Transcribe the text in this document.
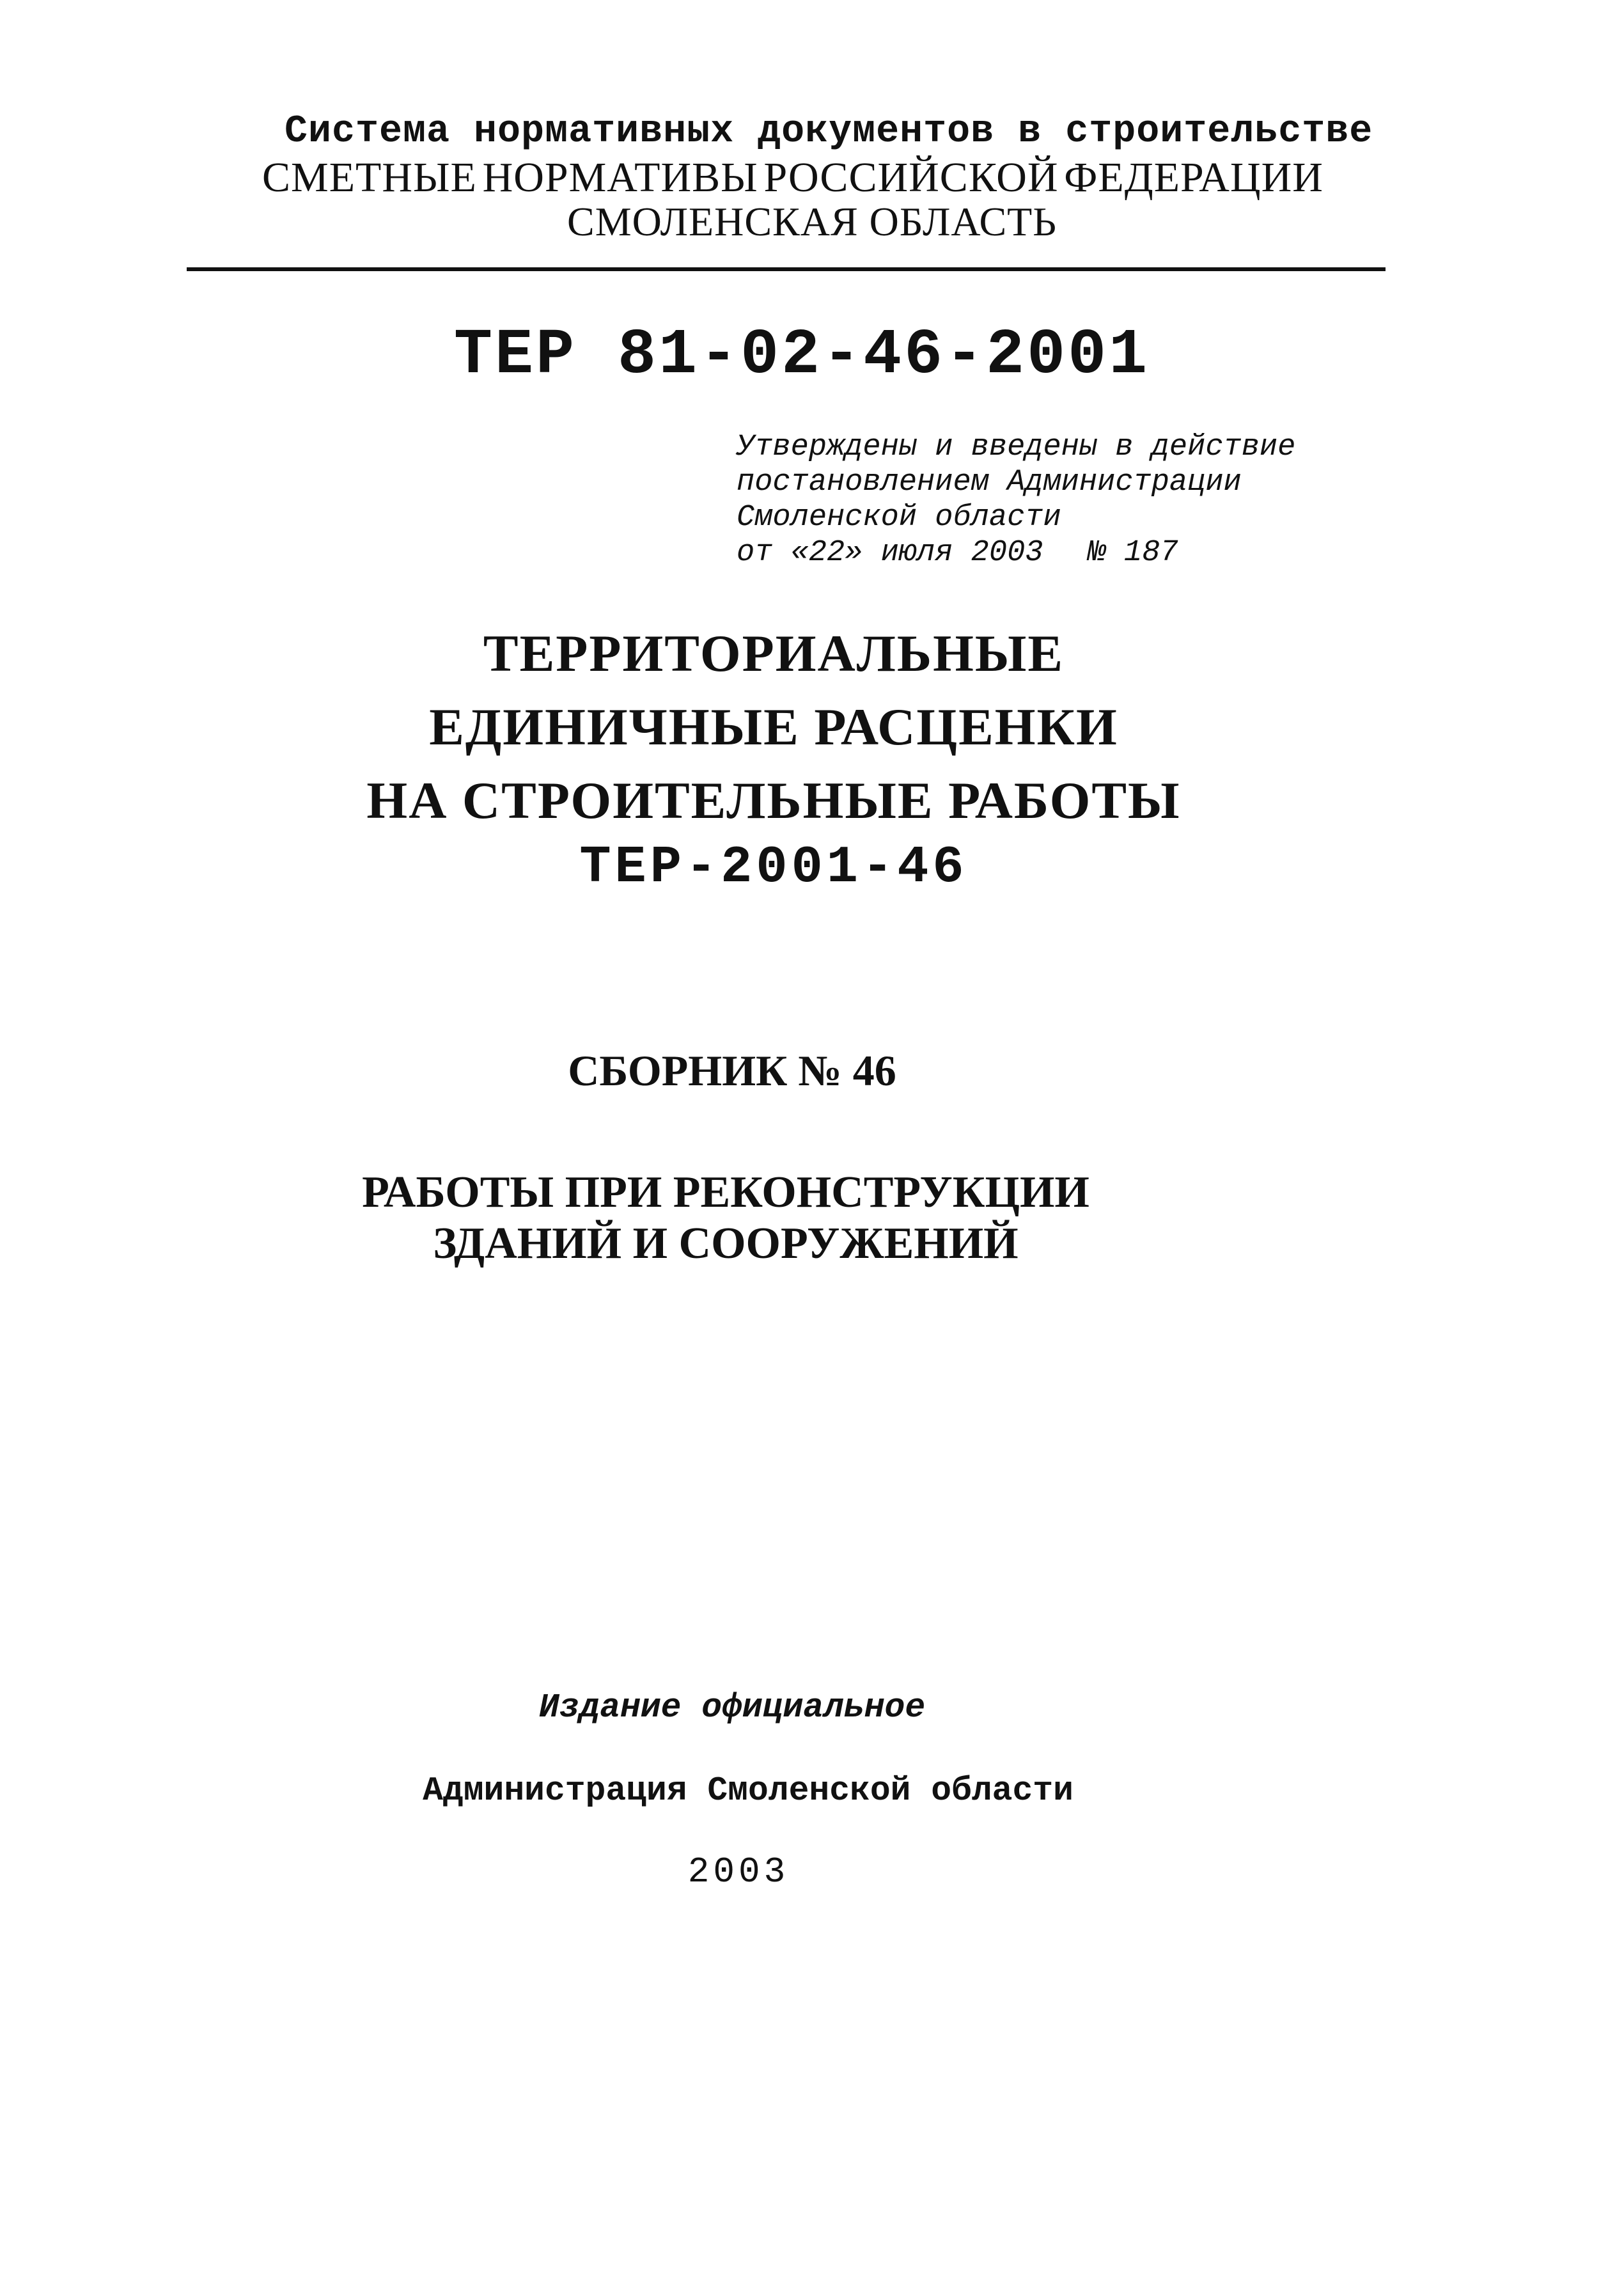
Система нормативных документов в строительстве
СМЕТНЫЕ НОРМАТИВЫ РОССИЙСКОЙ ФЕДЕРАЦИИ
СМОЛЕНСКАЯ ОБЛАСТЬ
ТЕР 81-02-46-2001
Утверждены и введены в действие
постановлением Администрации
Смоленской области
от «22» июля 2003 № 187
ТЕРРИТОРИАЛЬНЫЕ
ЕДИНИЧНЫЕ РАСЦЕНКИ
НА СТРОИТЕЛЬНЫЕ РАБОТЫ
ТЕР-2001-46
СБОРНИК № 46
РАБОТЫ ПРИ РЕКОНСТРУКЦИИ
ЗДАНИЙ И СООРУЖЕНИЙ
Издание официальное
Администрация Смоленской области
2003
